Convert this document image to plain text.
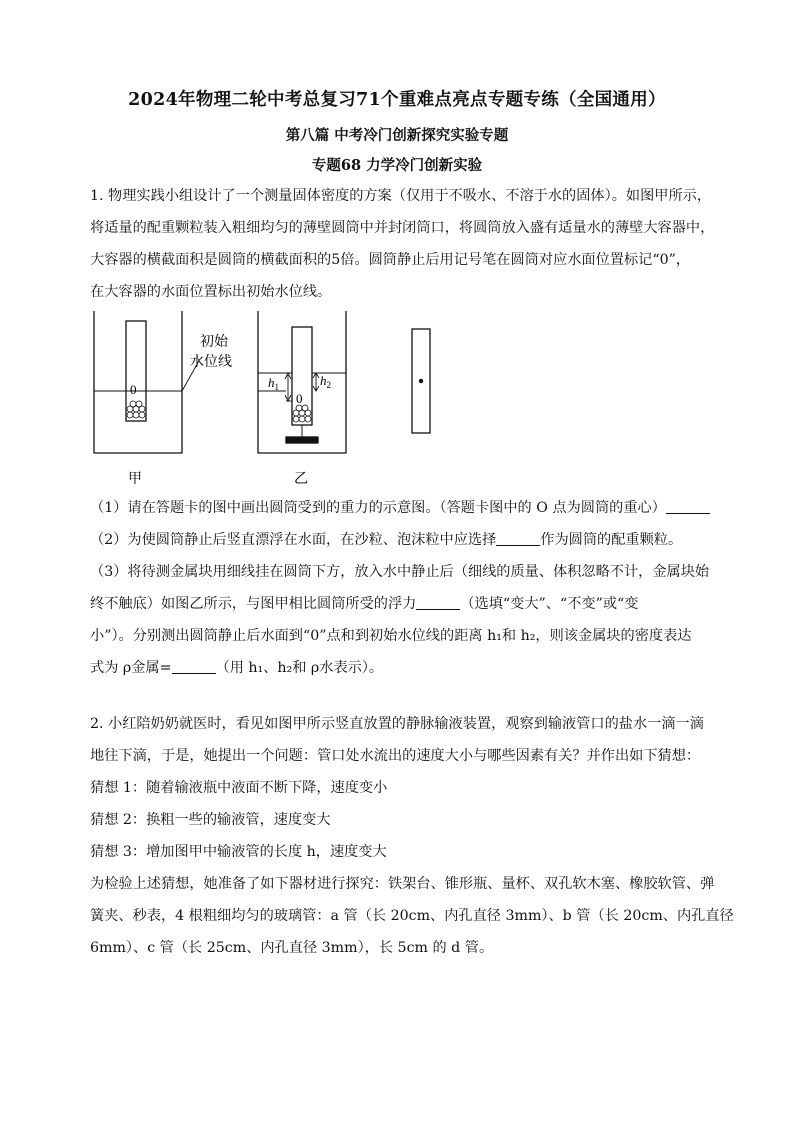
2024年物理二轮中考总复习71个重难点亮点专题专练（全国通用）
第八篇 中考冷门创新探究实验专题
专题68 力学冷门创新实验
1. 物理实践小组设计了一个测量固体密度的方案（仅用于不吸水、不溶于水的固体）。如图甲所示，
将适量的配重颗粒装入粗细均匀的薄壁圆筒中并封闭筒口，将圆筒放入盛有适量水的薄壁大容器中，
大容器的横截面积是圆筒的横截面积的5倍。圆筒静止后用记号笔在圆筒对应水面位置标记“0”，
在大容器的水面位置标出初始水位线。
0
初始
水位线
$h_1$	$h_2$
0
甲	乙
（1）请在答题卡的图中画出圆筒受到的重力的示意图。（答题卡图中的 O 点为圆筒的重心）
（2）为使圆筒静止后竖直漂浮在水面，在沙粒、泡沫粒中应选择	作为圆筒的配重颗粒。
（3）将待测金属块用细线挂在圆筒下方，放入水中静止后（细线的质量、体积忽略不计，金属块始
终不触底）如图乙所示，与图甲相比圆筒所受的浮力	（选填“变大”、“不变”或“变
小”）。分别测出圆筒静止后水面到“0”点和到初始水位线的距离 h₁和 h₂，则该金属块的密度表达
式为 ρ金属=	（用 h₁、h₂和 ρ水表示）。
2. 小红陪奶奶就医时，看见如图甲所示竖直放置的静脉输液装置，观察到输液管口的盐水一滴一滴
地往下滴，于是，她提出一个问题：管口处水流出的速度大小与哪些因素有关？并作出如下猜想：
猜想 1：随着输液瓶中液面不断下降，速度变小
猜想 2：换粗一些的输液管，速度变大
猜想 3：增加图甲中输液管的长度 h，速度变大
为检验上述猜想，她准备了如下器材进行探究：铁架台、锥形瓶、量杯、双孔软木塞、橡胶软管、弹
簧夹、秒表，4 根粗细均匀的玻璃管：a 管（长 20cm、内孔直径 3mm）、b 管（长 20cm、内孔直径
6mm）、c 管（长 25cm、内孔直径 3mm），长 5cm 的 d 管。
